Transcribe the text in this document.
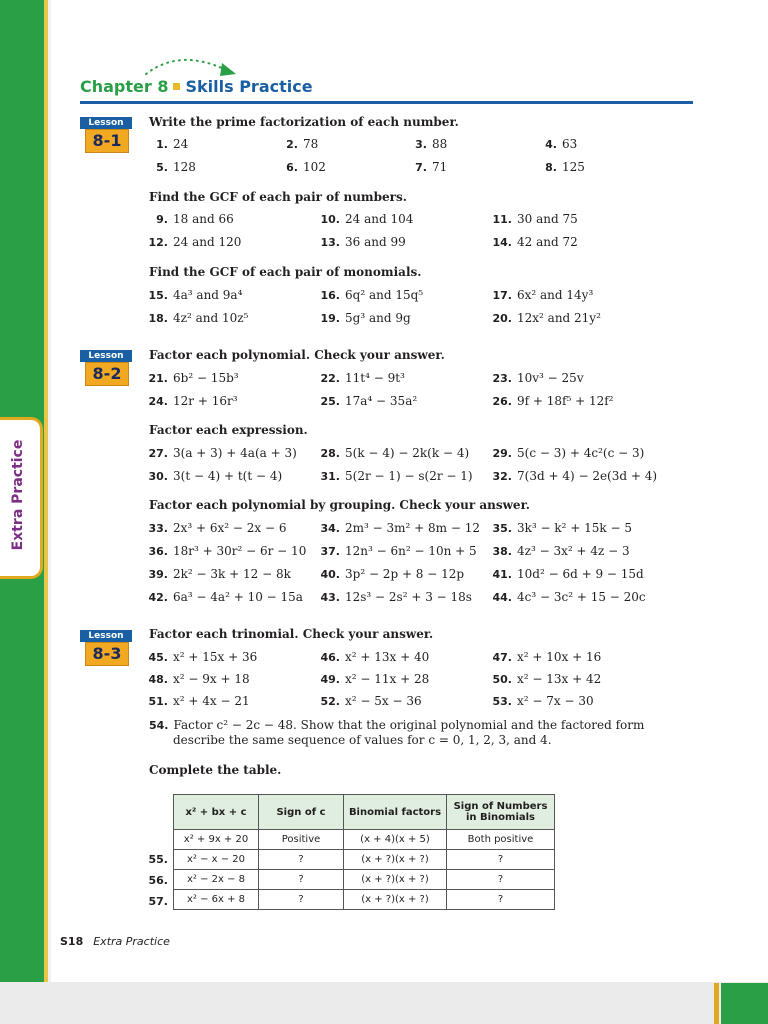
Extra Practice
Chapter 8 Skills Practice
Lesson
8-1
Lesson
8-2
Lesson
8-3
Write the prime factorization of each number.
Find the GCF of each pair of numbers.
Find the GCF of each pair of monomials.
Factor each polynomial. Check your answer.
Factor each expression.
Factor each polynomial by grouping. Check your answer.
Factor each trinomial. Check your answer.
Complete the table.
1. 24	2. 78	3. 88	4. 63
5. 128	6. 102	7. 71	8. 125
9. 18 and 66	10. 24 and 104	11. 30 and 75
12. 24 and 120	13. 36 and 99	14. 42 and 72
15. 4a³ and 9a⁴	16. 6q² and 15q⁵	17. 6x² and 14y³
18. 4z² and 10z⁵	19. 5g³ and 9g	20. 12x² and 21y²
21. 6b² − 15b³	22. 11t⁴ − 9t³	23. 10v³ − 25v
24. 12r + 16r³	25. 17a⁴ − 35a²	26. 9f + 18f⁵ + 12f²
27. 3(a + 3) + 4a(a + 3) 28. 5(k − 4) − 2k(k − 4) 29. 5(c − 3) + 4c²(c − 3)
30. 3(t − 4) + t(t − 4)	31. 5(2r − 1) − s(2r − 1) 32. 7(3d + 4) − 2e(3d + 4)
33. 2x³ + 6x² − 2x − 6	34. 2m³ − 3m² + 8m − 12 35. 3k³ − k² + 15k − 5
36. 18r³ + 30r² − 6r − 10 37. 12n³ − 6n² − 10n + 5 38. 4z³ − 3x² + 4z − 3
39. 2k² − 3k + 12 − 8k	40. 3p² − 2p + 8 − 12p	41. 10d² − 6d + 9 − 15d
42. 6a³ − 4a² + 10 − 15a 43. 12s³ − 2s² + 3 − 18s 44. 4c³ − 3c² + 15 − 20c
45. x² + 15x + 36	46. x² + 13x + 40	47. x² + 10x + 16
48. x² − 9x + 18	49. x² − 11x + 28	50. x² − 13x + 42
51. x² + 4x − 21	52. x² − 5x − 36	53. x² − 7x − 30
54. Factor c² − 2c − 48. Show that the original polynomial and the factored form
describe the same sequence of values for c = 0, 1, 2, 3, and 4.
x² + bx + c	Sign of c	Binomial factors	Sign of Numbers in Binomials
x² + 9x + 20	Positive	(x + 4)(x + 5)	Both positive
x² − x − 20	?	(x + ?)(x + ?)	?
x² − 2x − 8	?	(x + ?)(x + ?)	?
x² − 6x + 8	?	(x + ?)(x + ?)	?
55.
56.
57.
S18 Extra Practice
